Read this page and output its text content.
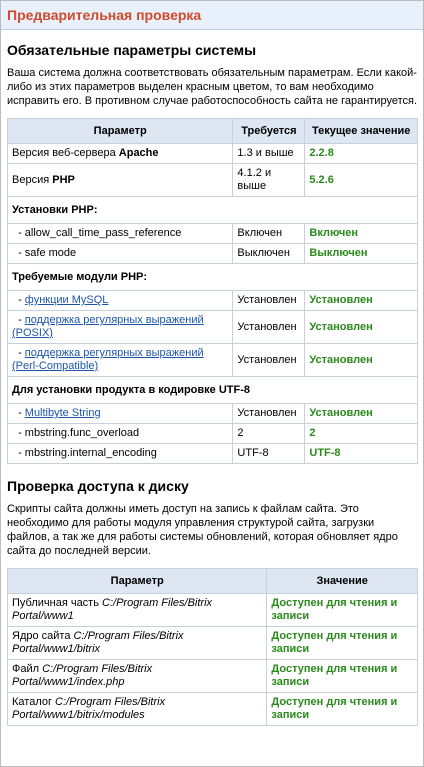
Предварительная проверка
Обязательные параметры системы

Ваша система должна соответствовать обязательным параметрам. Если какой-либо из этих параметров выделен красным цветом, то вам необходимо исправить его. В противном случае работоспособность сайта не гарантируется.

Параметр	Требуется	Текущее значение
Версия веб-сервера Apache	1.3 и выше	2.2.8
Версия PHP	4.1.2 и выше	5.2.6
Установки PHP:		
- allow_call_time_pass_reference	Включен	Включен
- safe mode	Выключен	Выключен
Требуемые модули PHP:		
- функции MySQL	Установлен	Установлен
- поддержка регулярных выражений (POSIX)	Установлен	Установлен
- поддержка регулярных выражений (Perl-Compatible)	Установлен	Установлен
Для установки продукта в кодировке UTF-8		
- Multibyte String	Установлен	Установлен
- mbstring.func_overload	2	2
- mbstring.internal_encoding	UTF-8	UTF-8
Проверка доступа к диску

Скрипты сайта должны иметь доступ на запись к файлам сайта. Это необходимо для работы модуля управления структурой сайта, загрузки файлов, а так же для работы системы обновлений, которая обновляет ядро сайта до последней версии.

Параметр	Значение
Публичная часть C:/Program Files/Bitrix Portal/www1	Доступен для чтения и записи
Ядро сайта C:/Program Files/Bitrix Portal/www1/bitrix	Доступен для чтения и записи
Файл C:/Program Files/Bitrix Portal/www1/index.php	Доступен для чтения и записи
Каталог C:/Program Files/Bitrix Portal/www1/bitrix/modules	Доступен для чтения и записи
